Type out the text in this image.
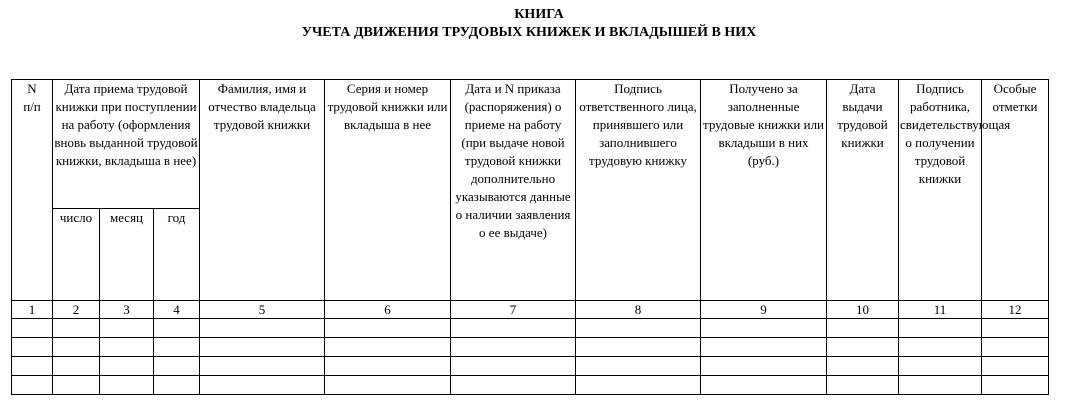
КНИГА
УЧЕТА ДВИЖЕНИЯ ТРУДОВЫХ КНИЖЕК И ВКЛАДЫШЕЙ В НИХ
N
п/п	Дата приема трудовой книжки при поступлении на работу (оформления вновь выданной трудовой книжки, вкладыша в нее)			Фамилия, имя и отчество владельца трудовой книжки	Серия и номер трудовой книжки или вкладыша в нее	Дата и N приказа (распоряжения) о приеме на работу (при выдаче новой трудовой книжки дополнительно указываются данные о наличии заявления о ее выдаче)	Подпись ответственного лица, принявшего или заполнившего трудовую книжку	Получено за заполненные трудовые книжки или вкладыши в них (руб.)	Дата выдачи трудовой книжки	Подпись работника, свидетельствующая о получении трудовой книжки	Особые отметки
	число	месяц	год								
1	2	3	4	5	6	7	8	9	10	11	12
